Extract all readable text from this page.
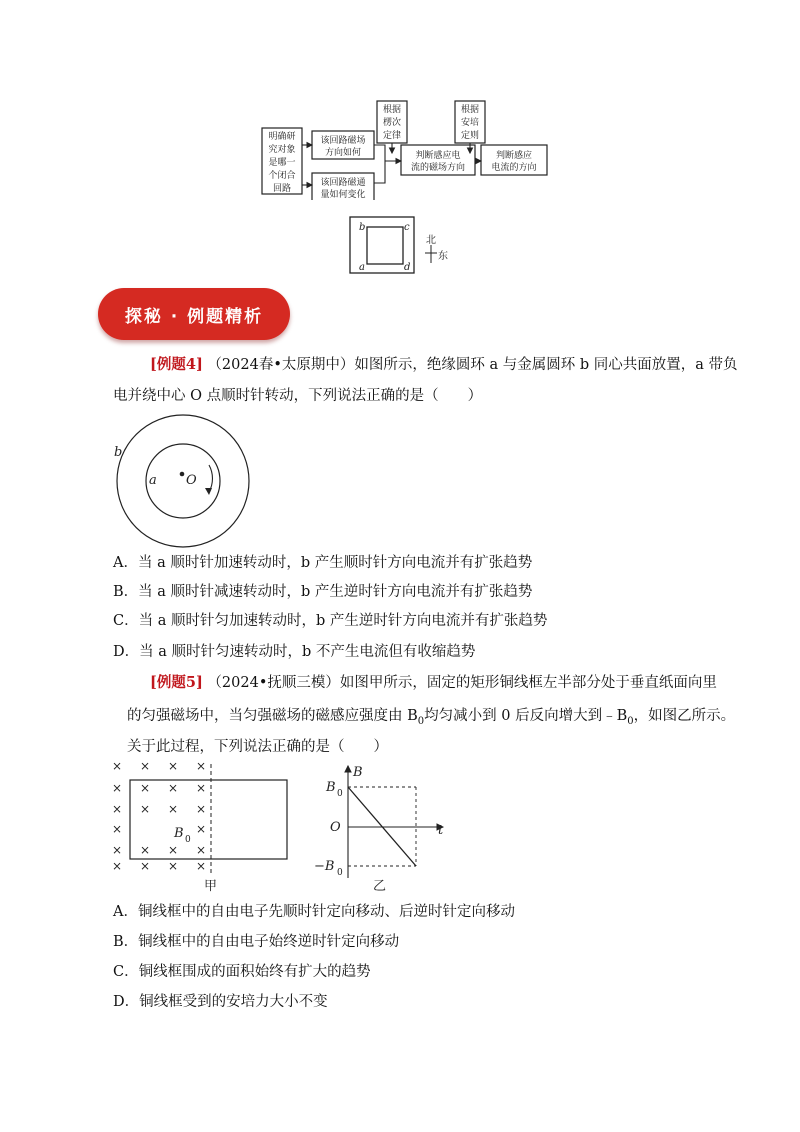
明确研
究对象
是哪一
个闭合
回路
该回路磁场
方向如何
该回路磁通
量如何变化
根据
楞次
定律
判断感应电
流的磁场方向
根据
安培
定则
判断感应
电流的方向
b	c
a	d
北
东
探秘 · 例题精析
[例题4] （2024春•太原期中）如图所示，绝缘圆环 a 与金属圆环 b 同心共面放置，a 带负
电并绕中心 O 点顺时针转动，下列说法正确的是（　　）
b
a O
A．当 a 顺时针加速转动时，b 产生顺时针方向电流并有扩张趋势
B．当 a 顺时针减速转动时，b 产生逆时针方向电流并有扩张趋势
C．当 a 顺时针匀加速转动时，b 产生逆时针方向电流并有扩张趋势
D．当 a 顺时针匀速转动时，b 不产生电流但有收缩趋势
[例题5] （2024•抚顺三模）如图甲所示，固定的矩形铜线框左半部分处于垂直纸面向里
的匀强磁场中，当匀强磁场的磁感应强度由 $B_0$均匀减小到 0 后反向增大到$﹣B_0$，如图乙所示。
关于此过程，下列说法正确的是（　　）
× × × ×
× × × ×
× × × ×
×	×
× × × ×
× × × ×
B 0
甲
B
t
O
B
−B
0
0
乙
A．铜线框中的自由电子先顺时针定向移动、后逆时针定向移动
B．铜线框中的自由电子始终逆时针定向移动
C．铜线框围成的面积始终有扩大的趋势
D．铜线框受到的安培力大小不变
